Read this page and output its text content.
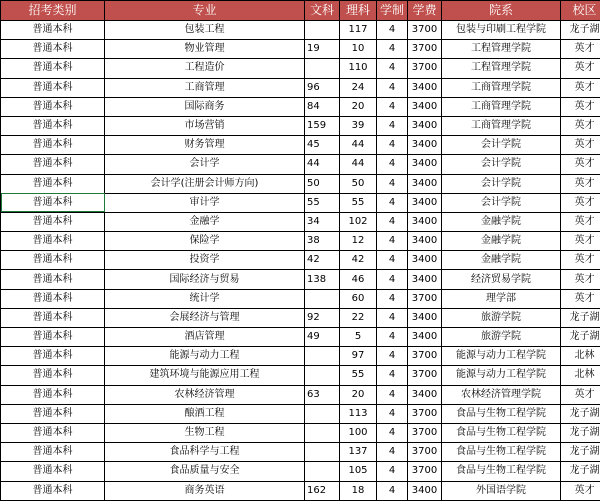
招考类别	专业	文科	理科	学制	学费	院系	校区
普通本科	包装工程		117	4	3700	包装与印刷工程学院	龙子湖
普通本科	物业管理	19	10	4	3700	工程管理学院	英才
普通本科	工程造价		110	4	3700	工程管理学院	英才
普通本科	工商管理	96	24	4	3400	工商管理学院	英才
普通本科	国际商务	84	20	4	3400	工商管理学院	英才
普通本科	市场营销	159	39	4	3400	工商管理学院	英才
普通本科	财务管理	45	44	4	3400	会计学院	英才
普通本科	会计学	44	44	4	3400	会计学院	英才
普通本科	会计学(注册会计师方向)	50	50	4	3400	会计学院	英才
普通本科	审计学	55	55	4	3400	会计学院	英才
普通本科	金融学	34	102	4	3400	金融学院	英才
普通本科	保险学	38	12	4	3400	金融学院	英才
普通本科	投资学	42	42	4	3400	金融学院	英才
普通本科	国际经济与贸易	138	46	4	3400	经济贸易学院	英才
普通本科	统计学		60	4	3700	理学部	英才
普通本科	会展经济与管理	92	22	4	3400	旅游学院	龙子湖
普通本科	酒店管理	49	5	4	3400	旅游学院	龙子湖
普通本科	能源与动力工程		97	4	3700	能源与动力工程学院	北林
普通本科	建筑环境与能源应用工程		55	4	3700	能源与动力工程学院	北林
普通本科	农林经济管理	63	20	4	3400	农林经济管理学院	英才
普通本科	酿酒工程		113	4	3700	食品与生物工程学院	龙子湖
普通本科	生物工程		100	4	3700	食品与生物工程学院	龙子湖
普通本科	食品科学与工程		137	4	3700	食品与生物工程学院	龙子湖
普通本科	食品质量与安全		105	4	3700	食品与生物工程学院	龙子湖
普通本科	商务英语	162	18	4	3400	外国语学院	英才
